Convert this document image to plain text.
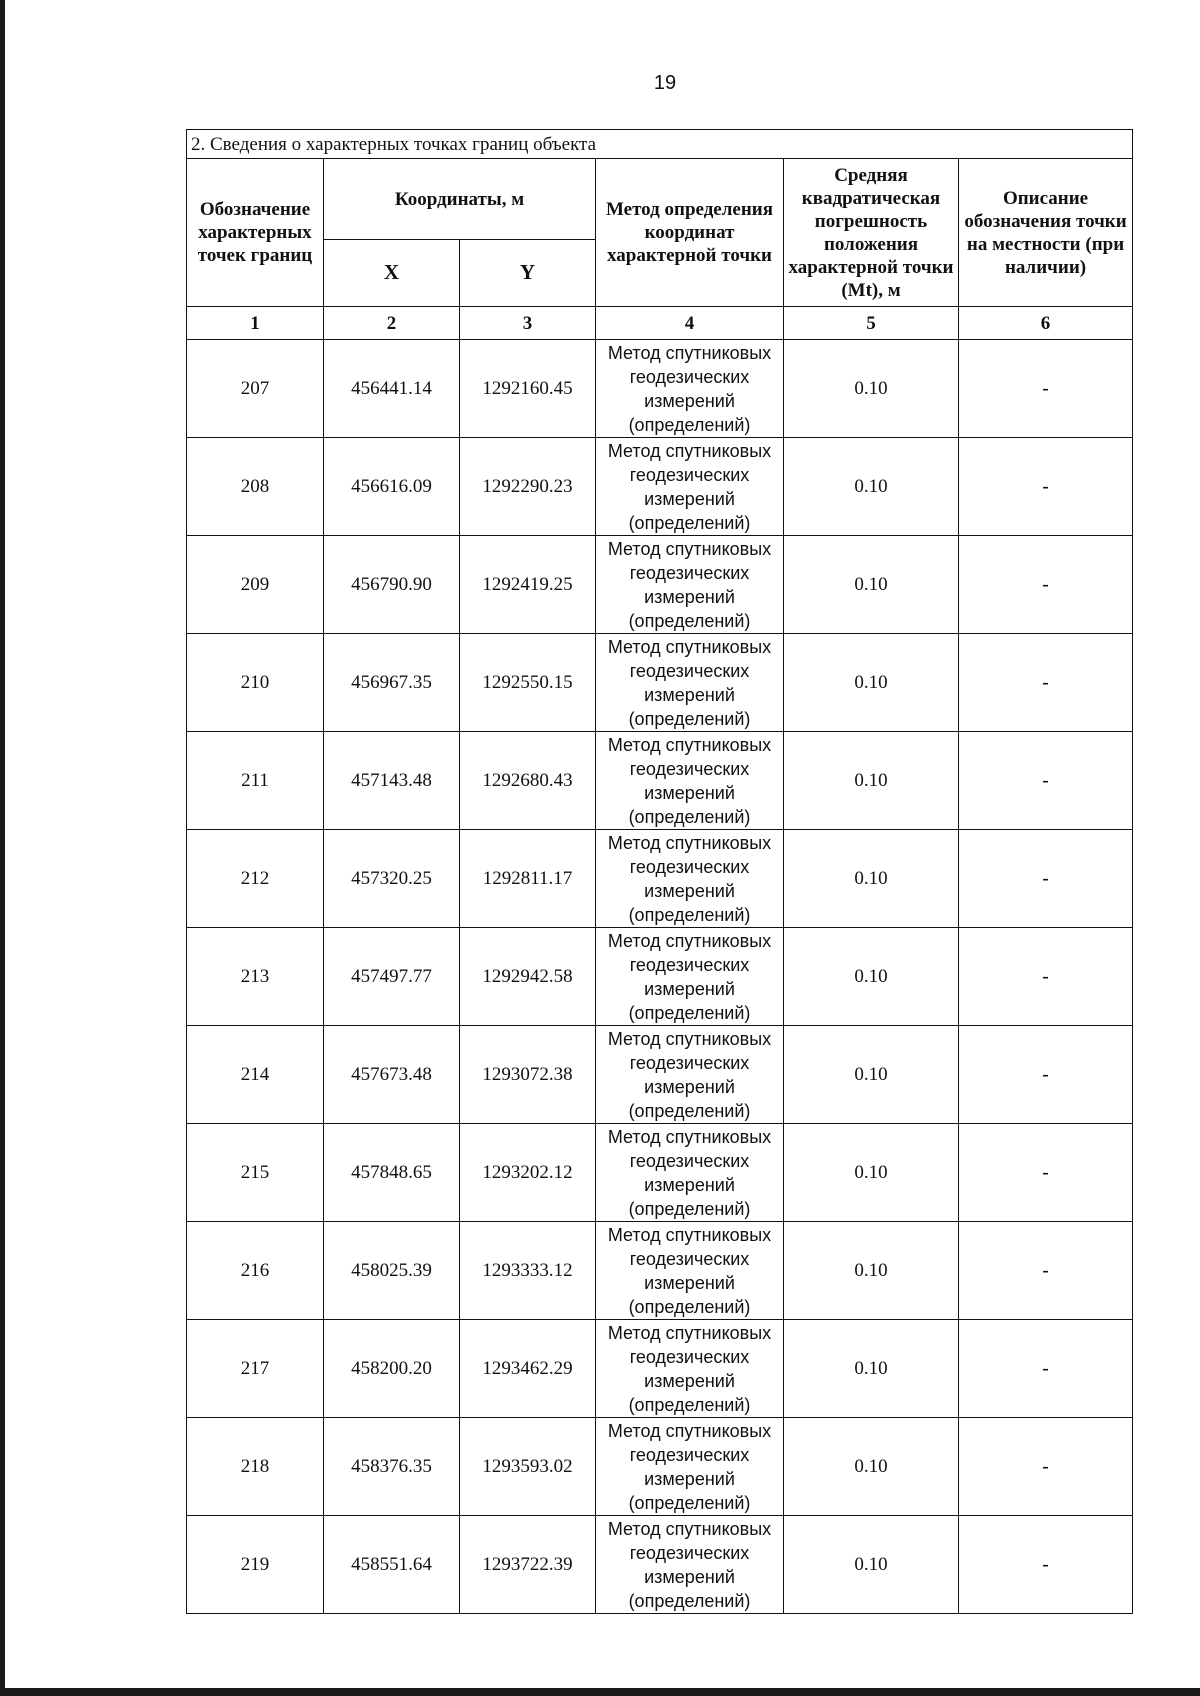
19
2. Сведения о характерных точках границ объекта					
Обозначение характерных точек границ	Координаты, м		Метод определения координат характерной точки	Средняя квадратическая погрешность положения характерной точки (Mt), м	Описание обозначения точки на местности (при наличии)
	X	Y			
1	2	3	4	5	6
207	456441.14	1292160.45	Метод спутниковых геодезических измерений (определений)	0.10	-
208	456616.09	1292290.23	Метод спутниковых геодезических измерений (определений)	0.10	-
209	456790.90	1292419.25	Метод спутниковых геодезических измерений (определений)	0.10	-
210	456967.35	1292550.15	Метод спутниковых геодезических измерений (определений)	0.10	-
211	457143.48	1292680.43	Метод спутниковых геодезических измерений (определений)	0.10	-
212	457320.25	1292811.17	Метод спутниковых геодезических измерений (определений)	0.10	-
213	457497.77	1292942.58	Метод спутниковых геодезических измерений (определений)	0.10	-
214	457673.48	1293072.38	Метод спутниковых геодезических измерений (определений)	0.10	-
215	457848.65	1293202.12	Метод спутниковых геодезических измерений (определений)	0.10	-
216	458025.39	1293333.12	Метод спутниковых геодезических измерений (определений)	0.10	-
217	458200.20	1293462.29	Метод спутниковых геодезических измерений (определений)	0.10	-
218	458376.35	1293593.02	Метод спутниковых геодезических измерений (определений)	0.10	-
219	458551.64	1293722.39	Метод спутниковых геодезических измерений (определений)	0.10	-
